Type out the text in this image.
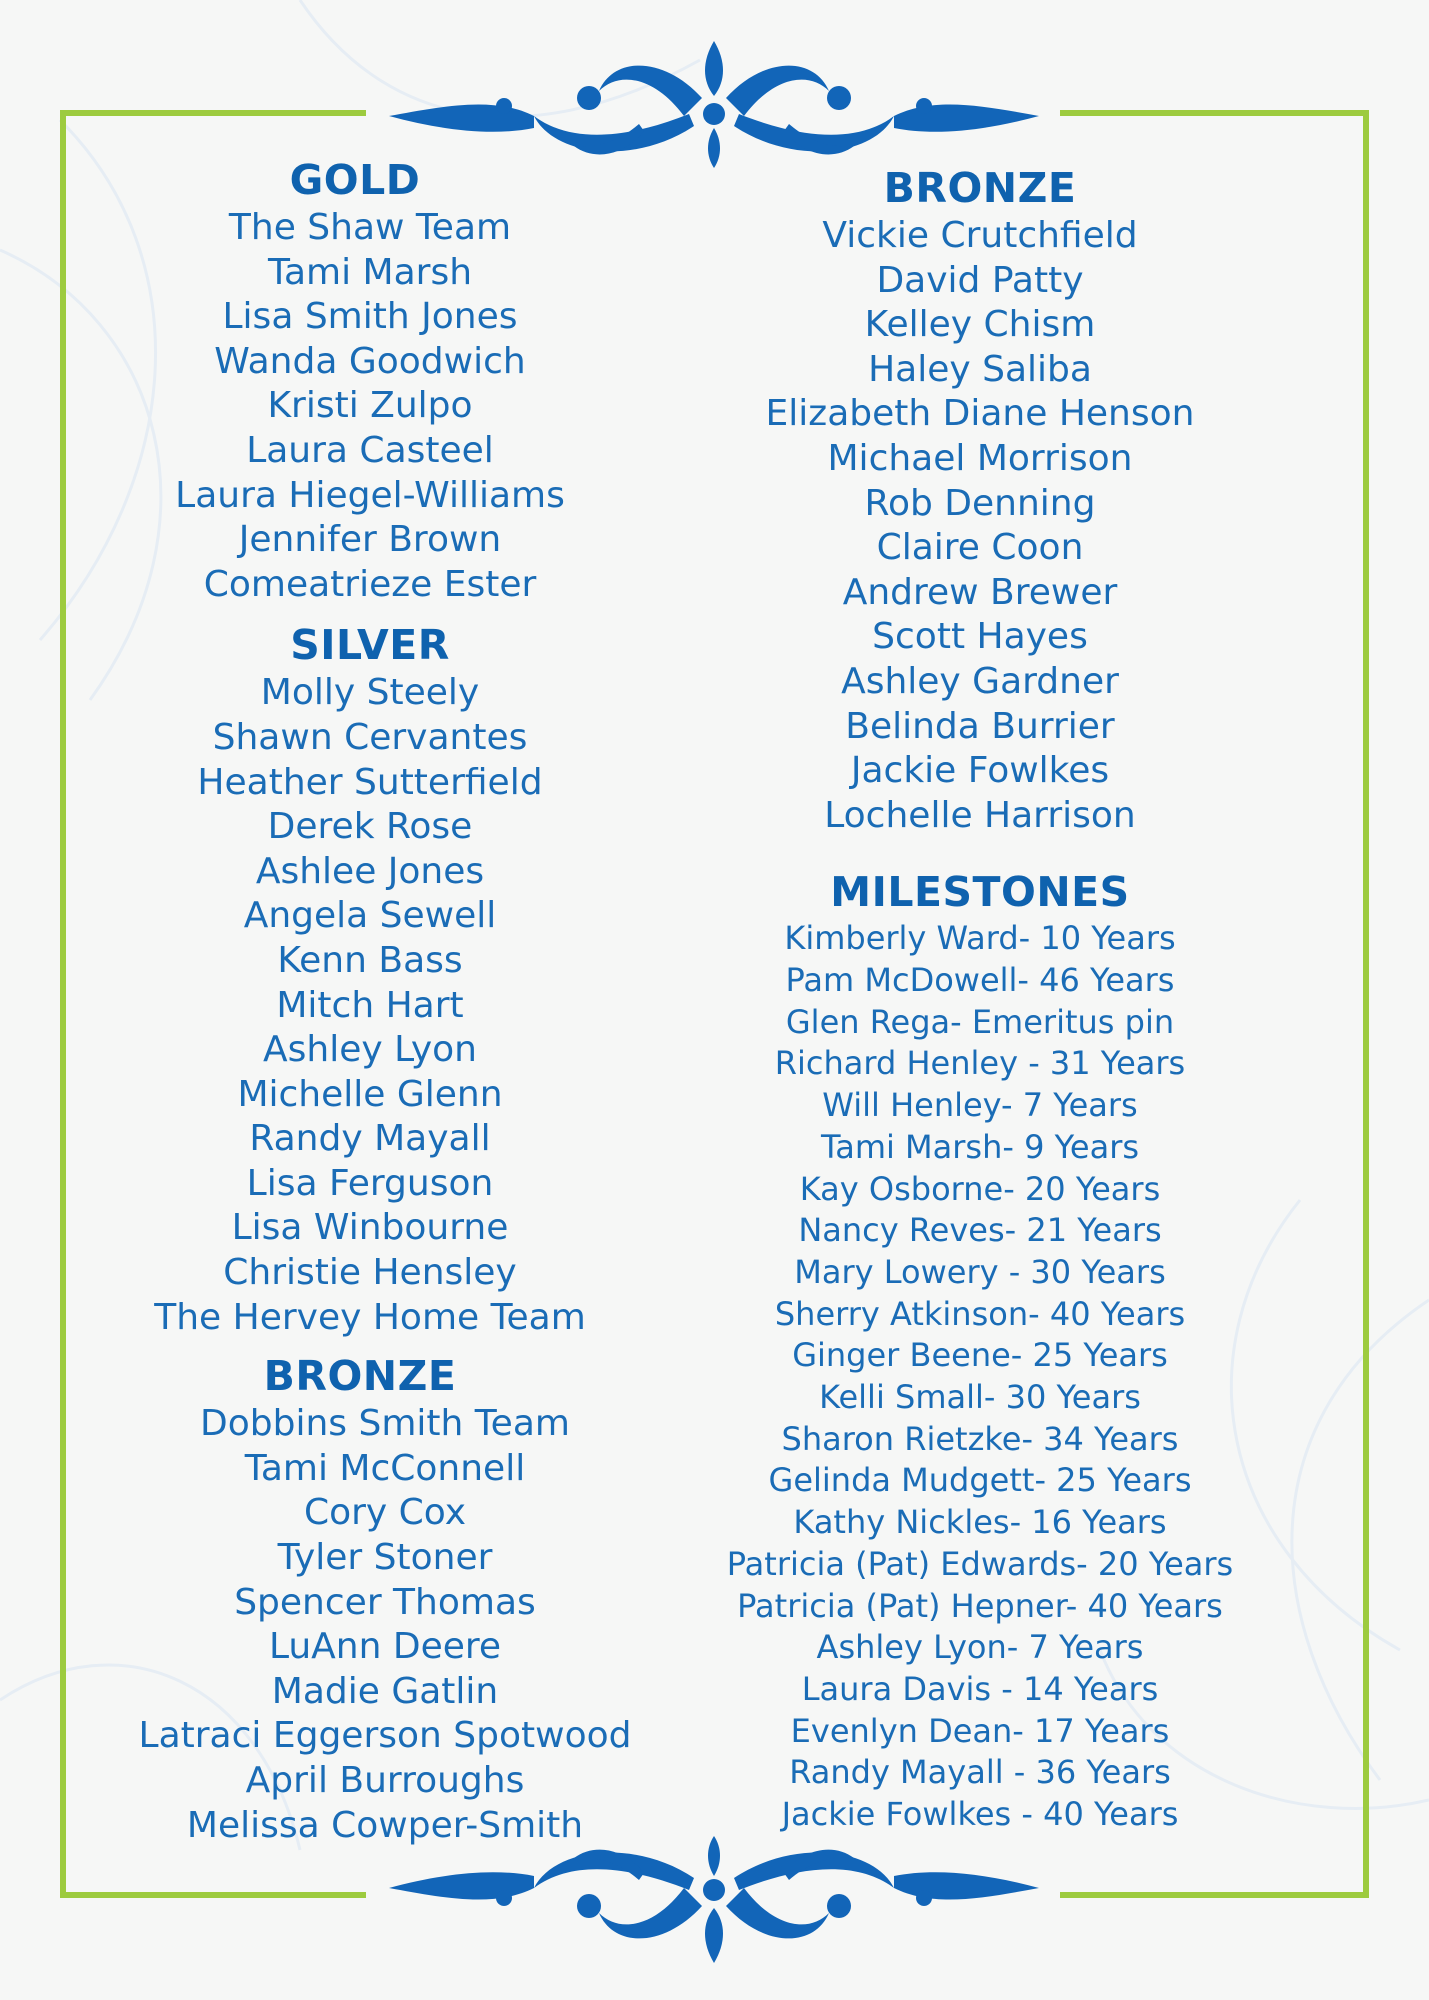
GOLD
The Shaw Team
Tami Marsh
Lisa Smith Jones
Wanda Goodwich
Kristi Zulpo
Laura Casteel
Laura Hiegel-Williams
Jennifer Brown
Comeatrieze Ester
SILVER
Molly Steely
Shawn Cervantes
Heather Sutterfield
Derek Rose
Ashlee Jones
Angela Sewell
Kenn Bass
Mitch Hart
Ashley Lyon
Michelle Glenn
Randy Mayall
Lisa Ferguson
Lisa Winbourne
Christie Hensley
The Hervey Home Team
BRONZE
Dobbins Smith Team
Tami McConnell
Cory Cox
Tyler Stoner
Spencer Thomas
LuAnn Deere
Madie Gatlin
Latraci Eggerson Spotwood
April Burroughs
Melissa Cowper-Smith
BRONZE
Vickie Crutchfield
David Patty
Kelley Chism
Haley Saliba
Elizabeth Diane Henson
Michael Morrison
Rob Denning
Claire Coon
Andrew Brewer
Scott Hayes
Ashley Gardner
Belinda Burrier
Jackie Fowlkes
Lochelle Harrison
MILESTONES
Kimberly Ward- 10 Years
Pam McDowell- 46 Years
Glen Rega- Emeritus pin
Richard Henley - 31 Years
Will Henley- 7 Years
Tami Marsh- 9 Years
Kay Osborne- 20 Years
Nancy Reves- 21 Years
Mary Lowery - 30 Years
Sherry Atkinson- 40 Years
Ginger Beene- 25 Years
Kelli Small- 30 Years
Sharon Rietzke- 34 Years
Gelinda Mudgett- 25 Years
Kathy Nickles- 16 Years
Patricia (Pat) Edwards- 20 Years
Patricia (Pat) Hepner- 40 Years
Ashley Lyon- 7 Years
Laura Davis - 14 Years
Evenlyn Dean- 17 Years
Randy Mayall - 36 Years
Jackie Fowlkes - 40 Years
